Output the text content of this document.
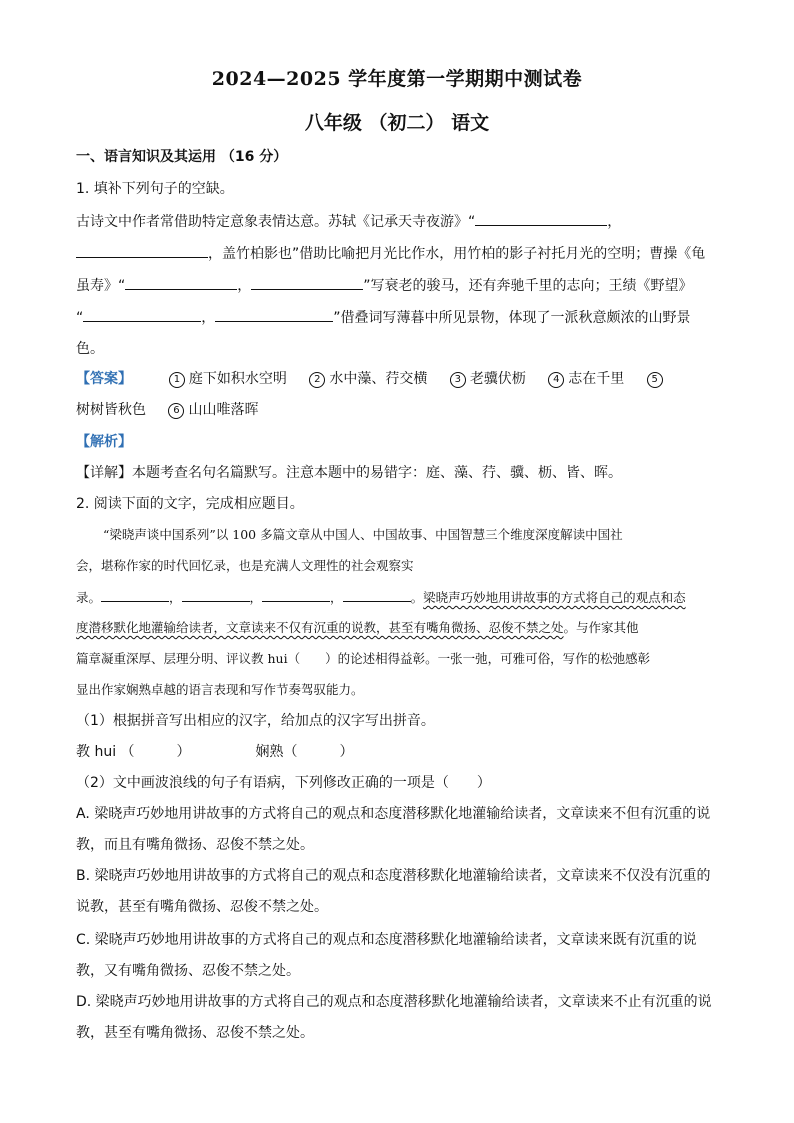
2024—2025 学年度第一学期期中测试卷
八年级 （初二） 语文
一、语言知识及其运用 （16 分）
1. 填补下列句子的空缺。
古诗文中作者常借助特定意象表情达意。苏轼《记承天寺夜游》“	，
，盖竹柏影也”借助比喻把月光比作水，用竹柏的影子衬托月光的空明；曹操《龟
虽寿》“	，	”写衰老的骏马，还有奔驰千里的志向；王绩《野望》
“	，	”借叠词写薄暮中所见景物，体现了一派秋意颇浓的山野景
色。
【答案】	1 庭下如积水空明	2 水中藻、荇交横	3 老骥伏枥	4 志在千里	5
树树皆秋色	6 山山唯落晖
【解析】
【详解】本题考查名句名篇默写。注意本题中的易错字：庭、藻、荇、骥、枥、皆、晖。
2. 阅读下面的文字，完成相应题目。
“梁晓声谈中国系列”以 100 多篇文章从中国人、中国故事、中国智慧三个维度深度解读中国社
会，堪称作家的时代回忆录，也是充满人文理性的社会观察实
录。	，	，	，	。梁晓声巧妙地用讲故事的方式将自己的观点和态
度潜移默化地灌输给读者，文章读来不仅有沉重的说教，甚至有嘴角微扬、忍俊不禁之处。与作家其他
篇章凝重深厚、层理分明、评议教 hui（　　）的论述相得益彰。一张一弛，可雅可俗，写作的松弛感彰
显出作家娴熟卓越的语言表现和写作节奏驾驭能力。
（1）根据拼音写出相应的汉字，给加点的汉字写出拼音。
教 hui （　　　）	娴熟（　　　）
（2）文中画波浪线的句子有语病，下列修改正确的一项是（　　）
A. 梁晓声巧妙地用讲故事的方式将自己的观点和态度潜移默化地灌输给读者，文章读来不但有沉重的说
教，而且有嘴角微扬、忍俊不禁之处。
B. 梁晓声巧妙地用讲故事的方式将自己的观点和态度潜移默化地灌输给读者，文章读来不仅没有沉重的
说教，甚至有嘴角微扬、忍俊不禁之处。
C. 梁晓声巧妙地用讲故事的方式将自己的观点和态度潜移默化地灌输给读者，文章读来既有沉重的说
教，又有嘴角微扬、忍俊不禁之处。
D. 梁晓声巧妙地用讲故事的方式将自己的观点和态度潜移默化地灌输给读者，文章读来不止有沉重的说
教，甚至有嘴角微扬、忍俊不禁之处。
